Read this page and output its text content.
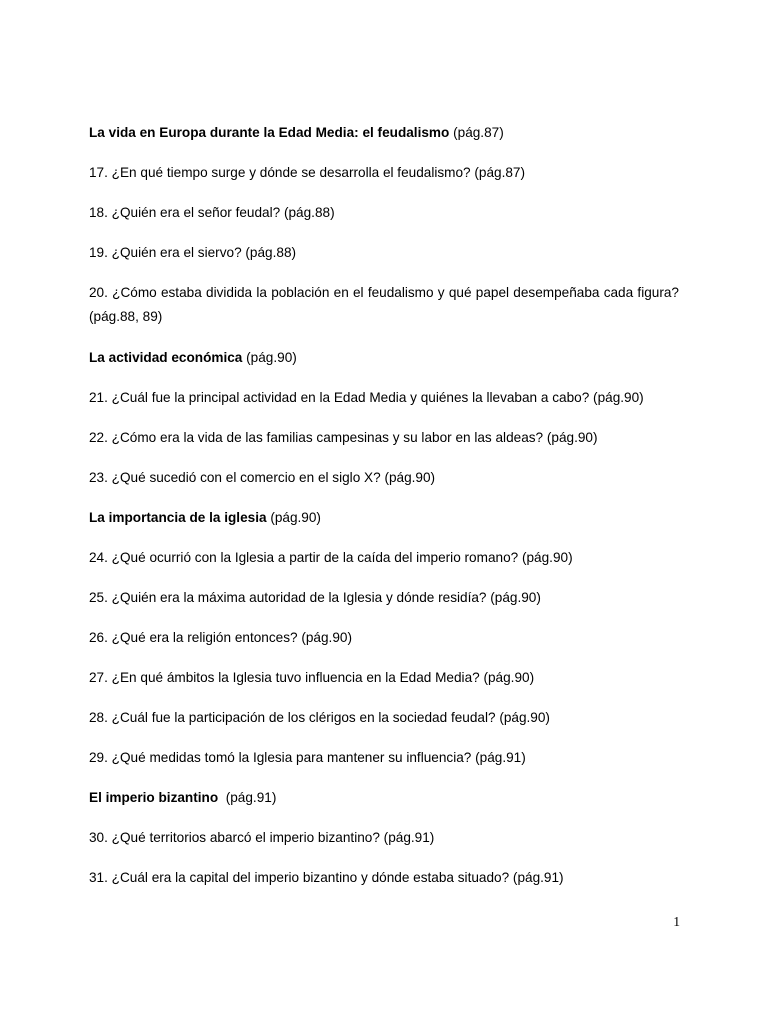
La vida en Europa durante la Edad Media: el feudalismo (pág.87)
17. ¿En qué tiempo surge y dónde se desarrolla el feudalismo? (pág.87)
18. ¿Quién era el señor feudal? (pág.88)
19. ¿Quién era el siervo? (pág.88)
20. ¿Cómo estaba dividida la población en el feudalismo y qué papel desempeñaba cada figura? (pág.88, 89)
La actividad económica (pág.90)
21. ¿Cuál fue la principal actividad en la Edad Media y quiénes la llevaban a cabo? (pág.90)
22. ¿Cómo era la vida de las familias campesinas y su labor en las aldeas? (pág.90)
23. ¿Qué sucedió con el comercio en el siglo X? (pág.90)
La importancia de la iglesia (pág.90)
24. ¿Qué ocurrió con la Iglesia a partir de la caída del imperio romano? (pág.90)
25. ¿Quién era la máxima autoridad de la Iglesia y dónde residía? (pág.90)
26. ¿Qué era la religión entonces? (pág.90)
27. ¿En qué ámbitos la Iglesia tuvo influencia en la Edad Media? (pág.90)
28. ¿Cuál fue la participación de los clérigos en la sociedad feudal? (pág.90)
29. ¿Qué medidas tomó la Iglesia para mantener su influencia? (pág.91)
El imperio bizantino  (pág.91)
30. ¿Qué territorios abarcó el imperio bizantino? (pág.91)
31. ¿Cuál era la capital del imperio bizantino y dónde estaba situado? (pág.91)
1
